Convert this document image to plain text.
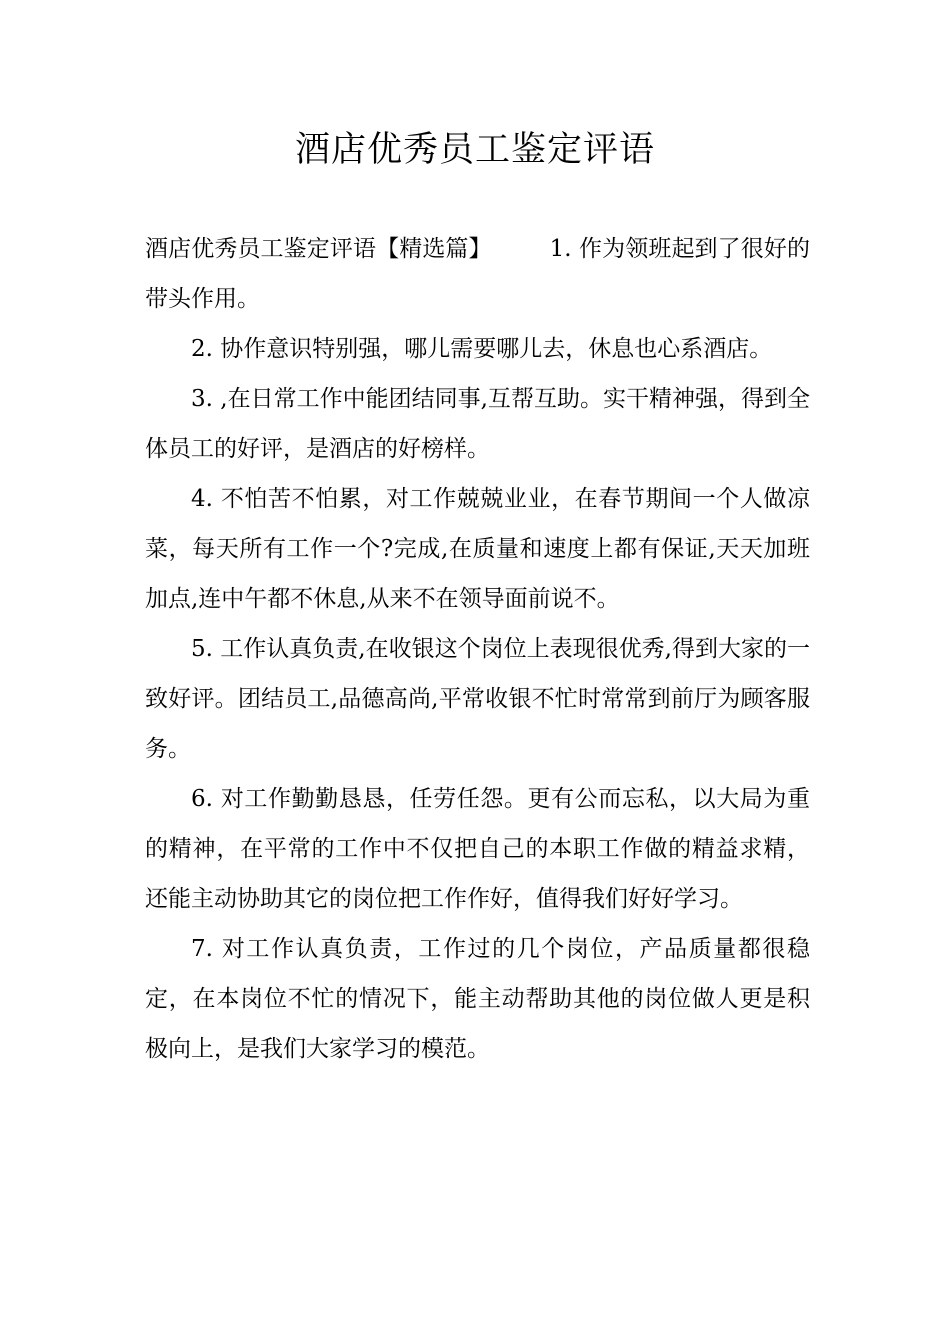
酒店优秀员工鉴定评语

酒店优秀员工鉴定评语【精选篇】	1. 作为领班起到了很好的带头作用。

2. 协作意识特别强，哪儿需要哪儿去，休息也心系酒店。

3. ,在日常工作中能团结同事,互帮互助。实干精神强，得到全体员工的好评，是酒店的好榜样。

4. 不怕苦不怕累，对工作兢兢业业，在春节期间一个人做凉菜，每天所有工作一个?完成,在质量和速度上都有保证,天天加班加点,连中午都不休息,从来不在领导面前说不。

5. 工作认真负责,在收银这个岗位上表现很优秀,得到大家的一致好评。团结员工,品德高尚,平常收银不忙时常常到前厅为顾客服务。

6. 对工作勤勤恳恳，任劳任怨。更有公而忘私，以大局为重的精神，在平常的工作中不仅把自己的本职工作做的精益求精，还能主动协助其它的岗位把工作作好，值得我们好好学习。

7. 对工作认真负责，工作过的几个岗位，产品质量都很稳定，在本岗位不忙的情况下，能主动帮助其他的岗位做人更是积极向上，是我们大家学习的模范。
